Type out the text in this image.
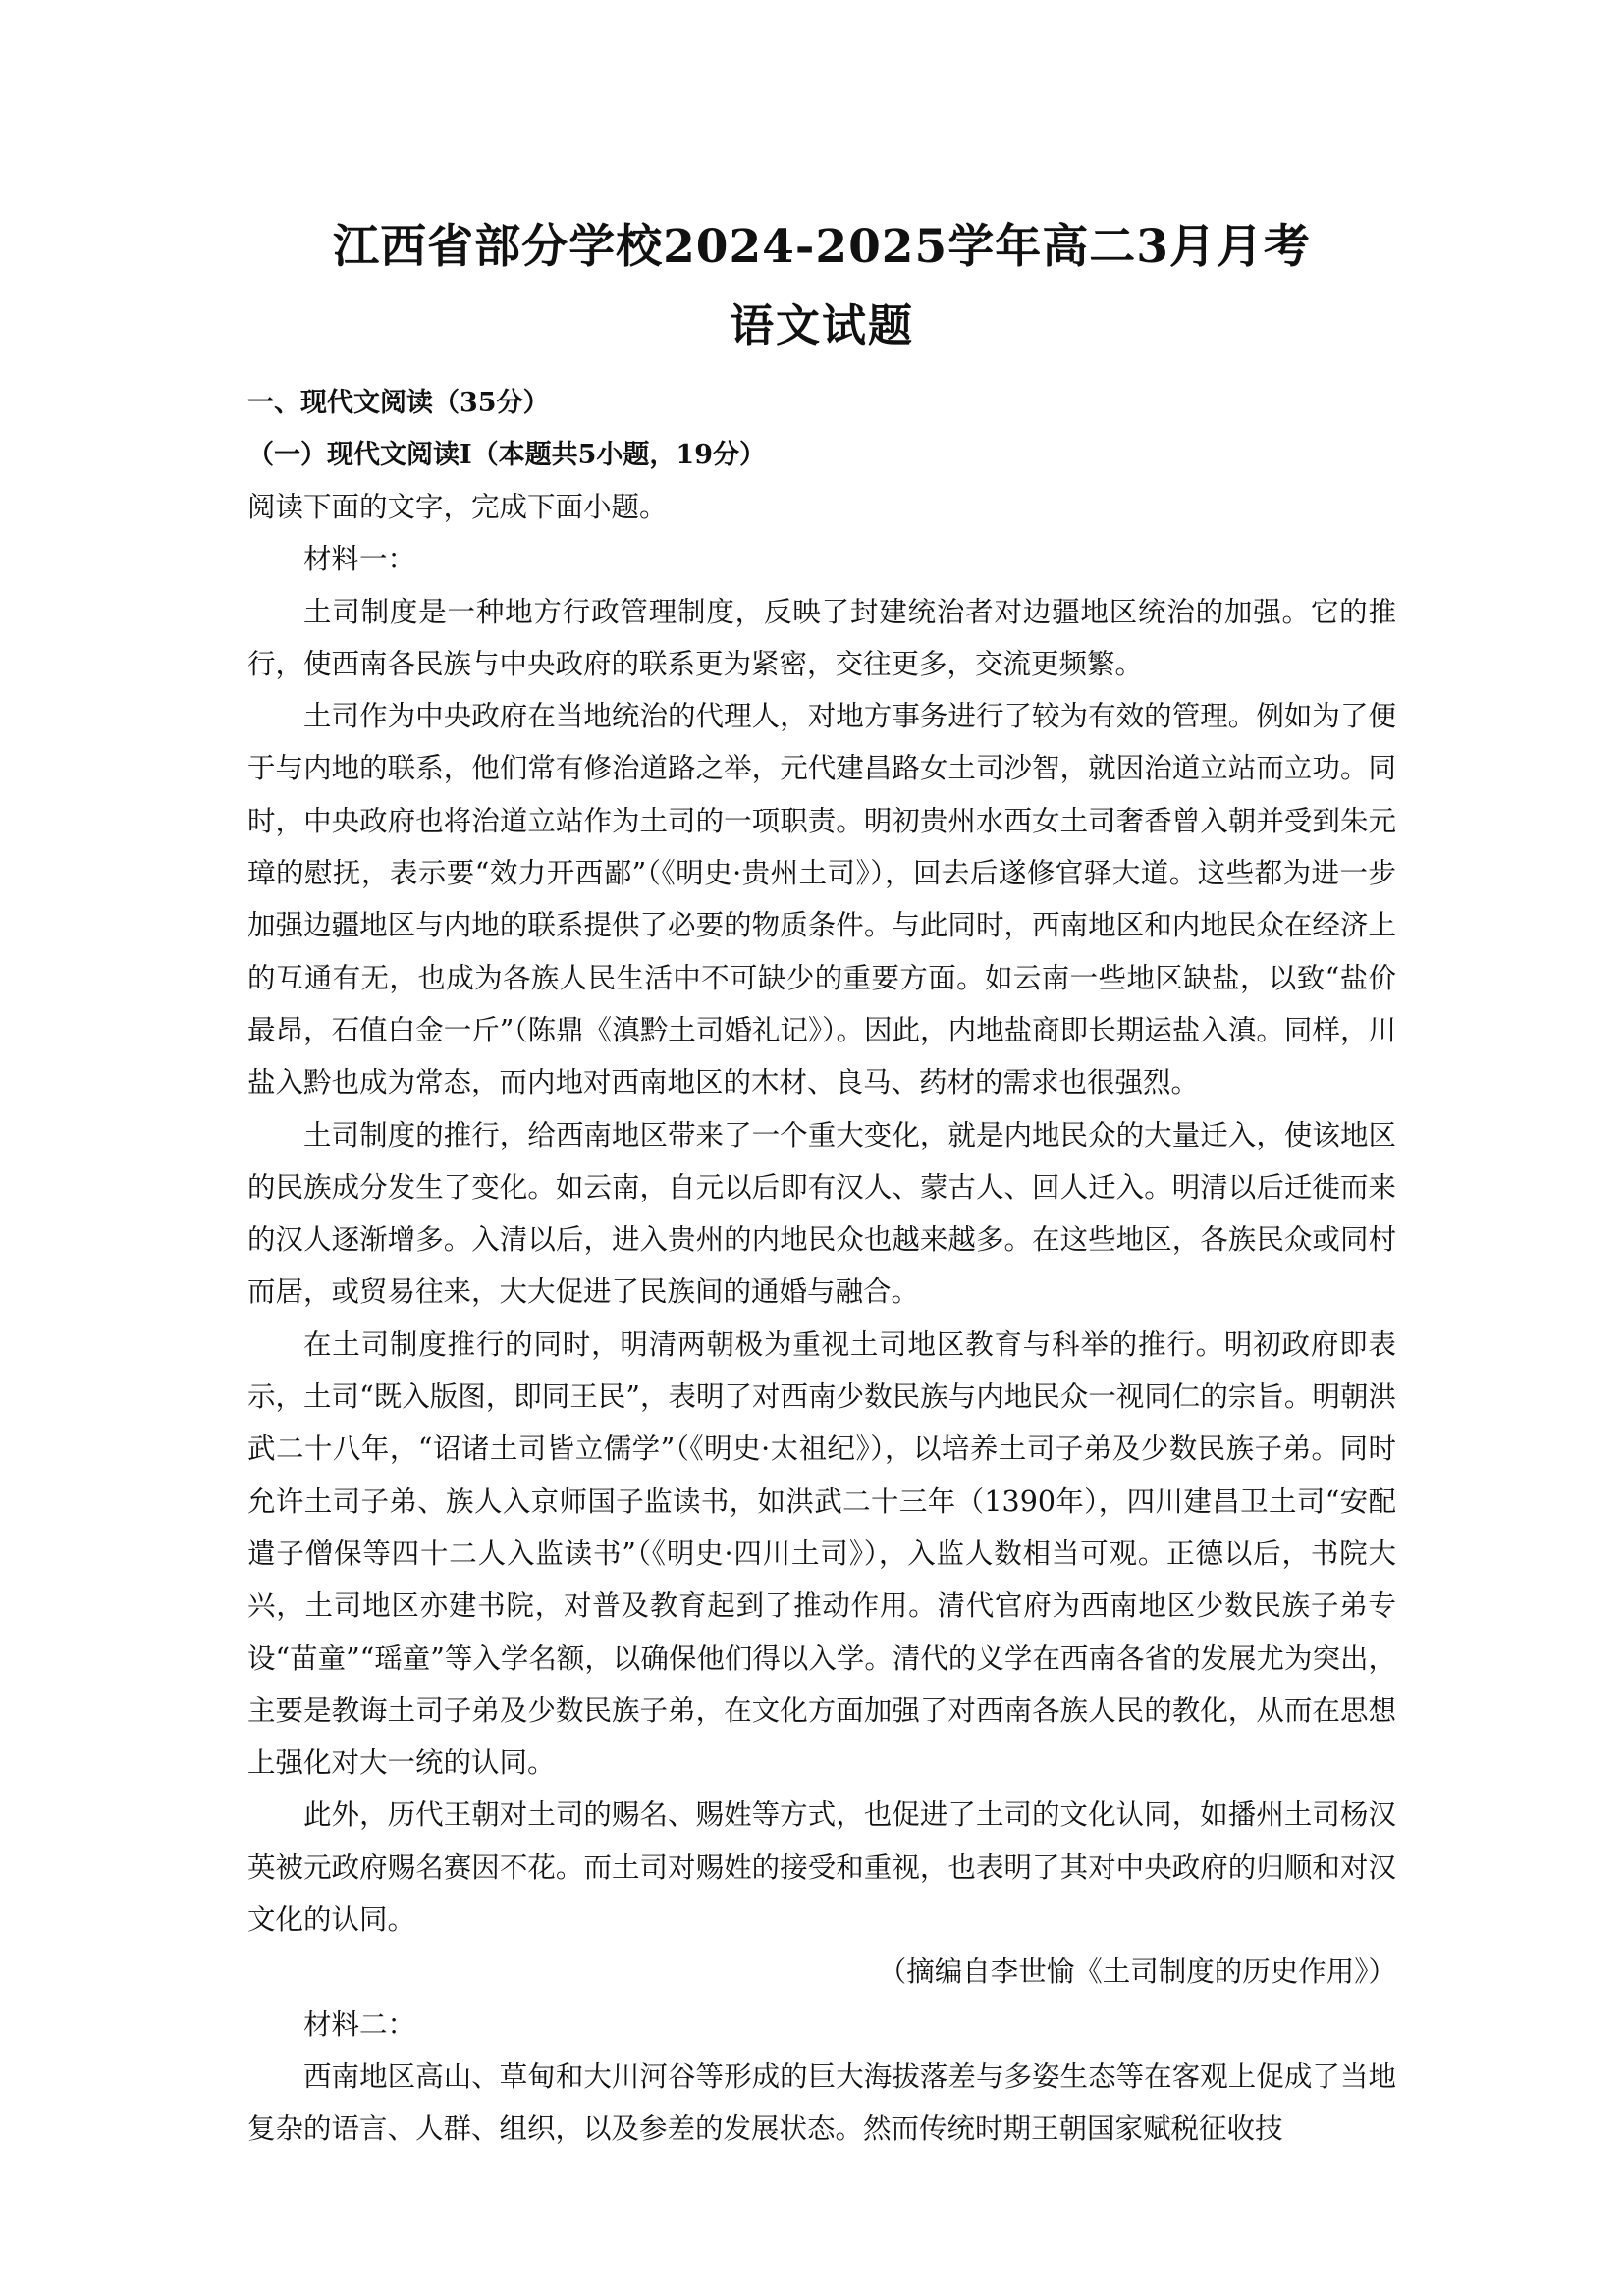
江西省部分学校2024-2025学年高二3月月考
语文试题

一、现代文阅读（35分）

（一）现代文阅读Ⅰ（本题共5小题，19分）

阅读下面的文字，完成下面小题。

材料一：

土司制度是一种地方行政管理制度，反映了封建统治者对边疆地区统治的加强。它的推行，使西南各民族与中央政府的联系更为紧密，交往更多，交流更频繁。

土司作为中央政府在当地统治的代理人，对地方事务进行了较为有效的管理。例如为了便于与内地的联系，他们常有修治道路之举，元代建昌路女土司沙智，就因治道立站而立功。同时，中央政府也将治道立站作为土司的一项职责。明初贵州水西女土司奢香曾入朝并受到朱元璋的慰抚，表示要“效力开西鄙”（《明史·贵州土司》），回去后遂修官驿大道。这些都为进一步加强边疆地区与内地的联系提供了必要的物质条件。与此同时，西南地区和内地民众在经济上的互通有无，也成为各族人民生活中不可缺少的重要方面。如云南一些地区缺盐，以致“盐价最昂，石值白金一斤”（陈鼎《滇黔土司婚礼记》）。因此，内地盐商即长期运盐入滇。同样，川盐入黔也成为常态，而内地对西南地区的木材、良马、药材的需求也很强烈。

土司制度的推行，给西南地区带来了一个重大变化，就是内地民众的大量迁入，使该地区的民族成分发生了变化。如云南，自元以后即有汉人、蒙古人、回人迁入。明清以后迁徙而来的汉人逐渐增多。入清以后，进入贵州的内地民众也越来越多。在这些地区，各族民众或同村而居，或贸易往来，大大促进了民族间的通婚与融合。

在土司制度推行的同时，明清两朝极为重视土司地区教育与科举的推行。明初政府即表示，土司“既入版图，即同王民”，表明了对西南少数民族与内地民众一视同仁的宗旨。明朝洪武二十八年，“诏诸土司皆立儒学”（《明史·太祖纪》），以培养土司子弟及少数民族子弟。同时允许土司子弟、族人入京师国子监读书，如洪武二十三年（1390年），四川建昌卫土司“安配遣子僧保等四十二人入监读书”（《明史·四川土司》），入监人数相当可观。正德以后，书院大兴，土司地区亦建书院，对普及教育起到了推动作用。清代官府为西南地区少数民族子弟专设“苗童”“瑶童”等入学名额，以确保他们得以入学。清代的义学在西南各省的发展尤为突出，主要是教诲土司子弟及少数民族子弟，在文化方面加强了对西南各族人民的教化，从而在思想上强化对大一统的认同。

此外，历代王朝对土司的赐名、赐姓等方式，也促进了土司的文化认同，如播州土司杨汉英被元政府赐名赛因不花。而土司对赐姓的接受和重视，也表明了其对中央政府的归顺和对汉文化的认同。

（摘编自李世愉《土司制度的历史作用》）

材料二：

西南地区高山、草甸和大川河谷等形成的巨大海拔落差与多姿生态等在客观上促成了当地复杂的语言、人群、组织，以及参差的发展状态。然而传统时期王朝国家赋税征收技
